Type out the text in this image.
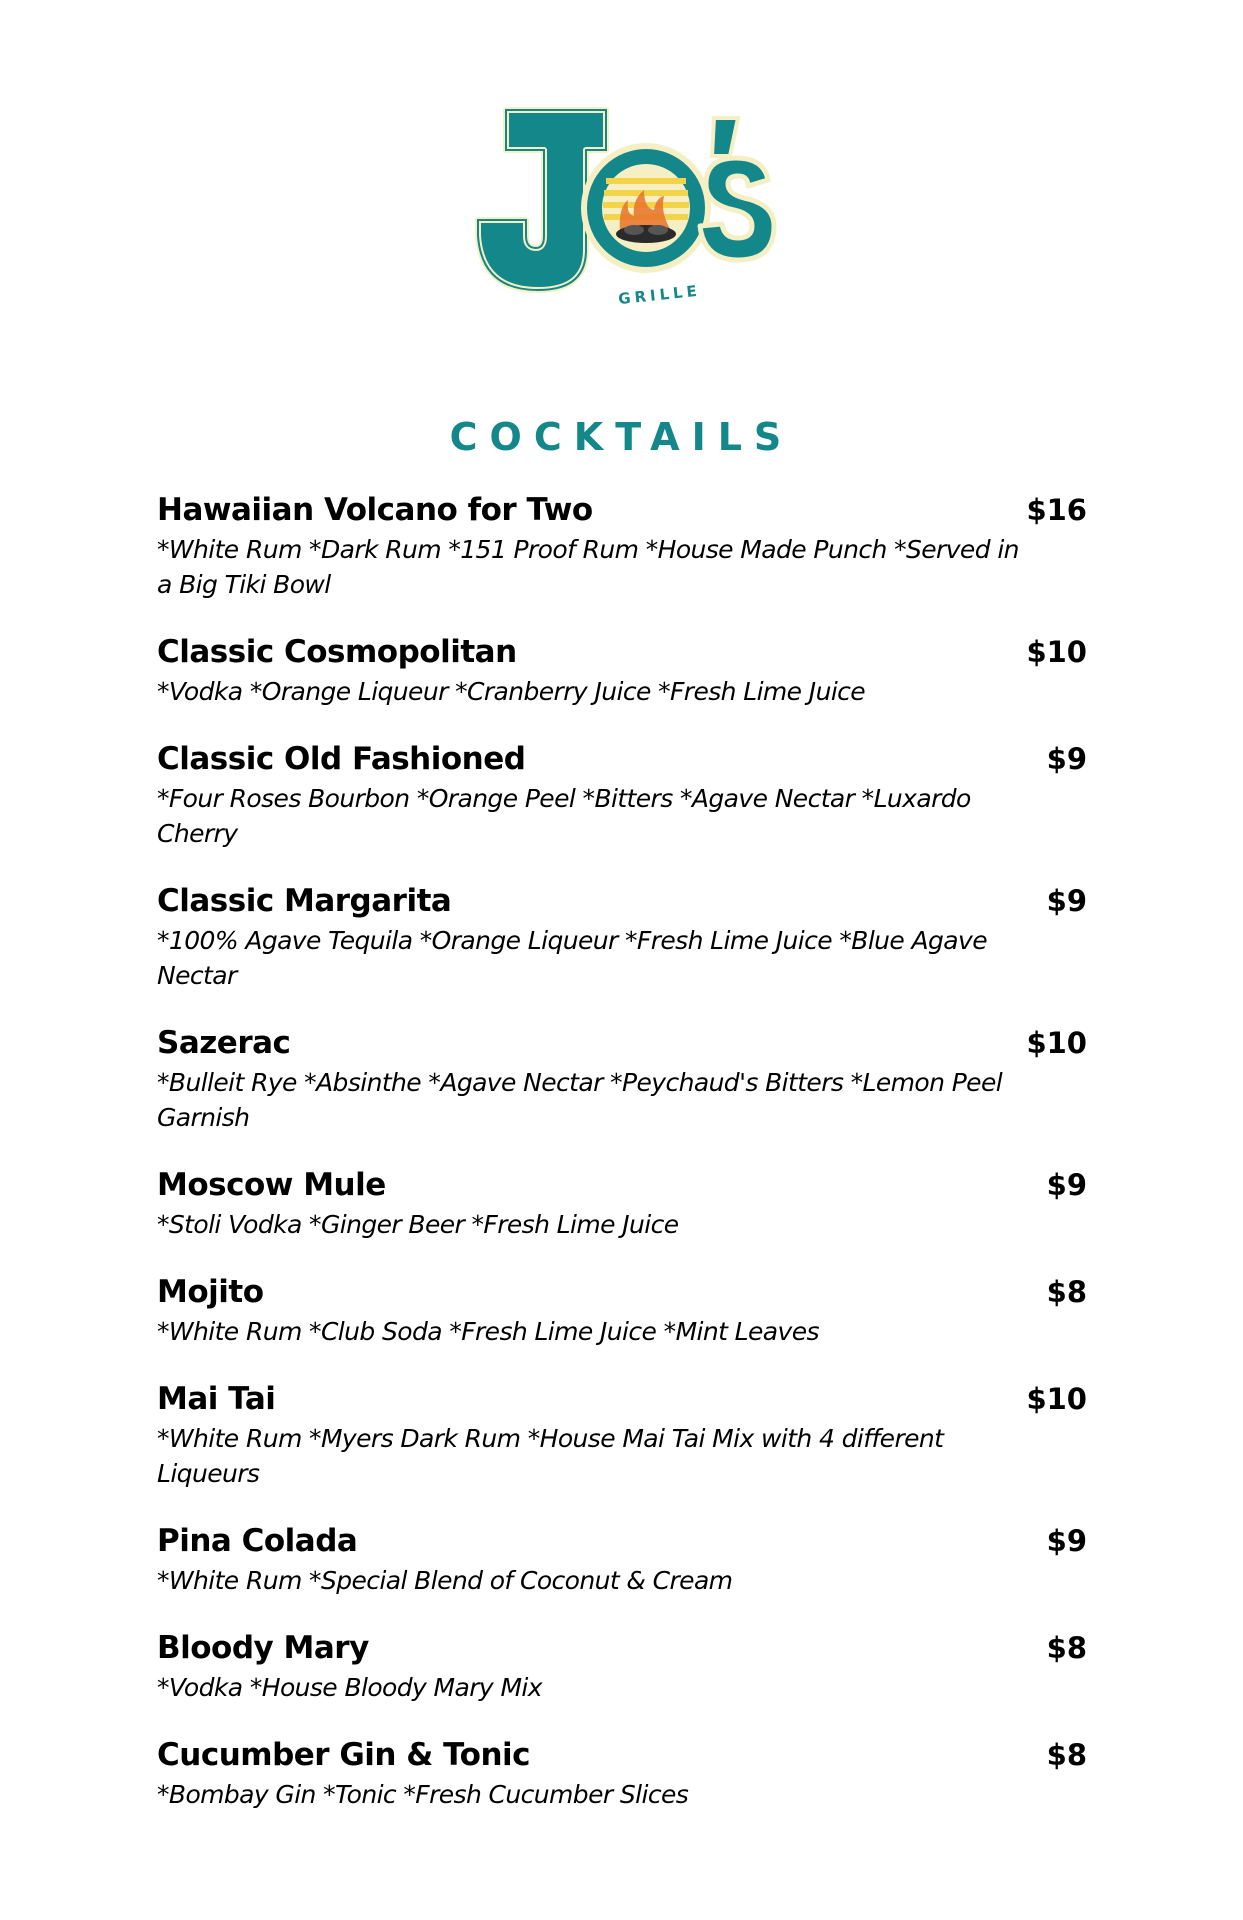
GRILLE
COCKTAILS
Hawaiian Volcano for Two	$16
*White Rum *Dark Rum *151 Proof Rum *House Made Punch *Served in a Big Tiki Bowl
Classic Cosmopolitan	$10
*Vodka *Orange Liqueur *Cranberry Juice *Fresh Lime Juice
Classic Old Fashioned	$9
*Four Roses Bourbon *Orange Peel *Bitters *Agave Nectar *Luxardo Cherry
Classic Margarita	$9
*100% Agave Tequila *Orange Liqueur *Fresh Lime Juice *Blue Agave Nectar
Sazerac	$10
*Bulleit Rye *Absinthe *Agave Nectar *Peychaud's Bitters *Lemon Peel Garnish
Moscow Mule	$9
*Stoli Vodka *Ginger Beer *Fresh Lime Juice
Mojito	$8
*White Rum *Club Soda *Fresh Lime Juice *Mint Leaves
Mai Tai	$10
*White Rum *Myers Dark Rum *House Mai Tai Mix with 4 different Liqueurs
Pina Colada	$9
*White Rum *Special Blend of Coconut & Cream
Bloody Mary	$8
*Vodka *House Bloody Mary Mix
Cucumber Gin & Tonic	$8
*Bombay Gin *Tonic *Fresh Cucumber Slices
